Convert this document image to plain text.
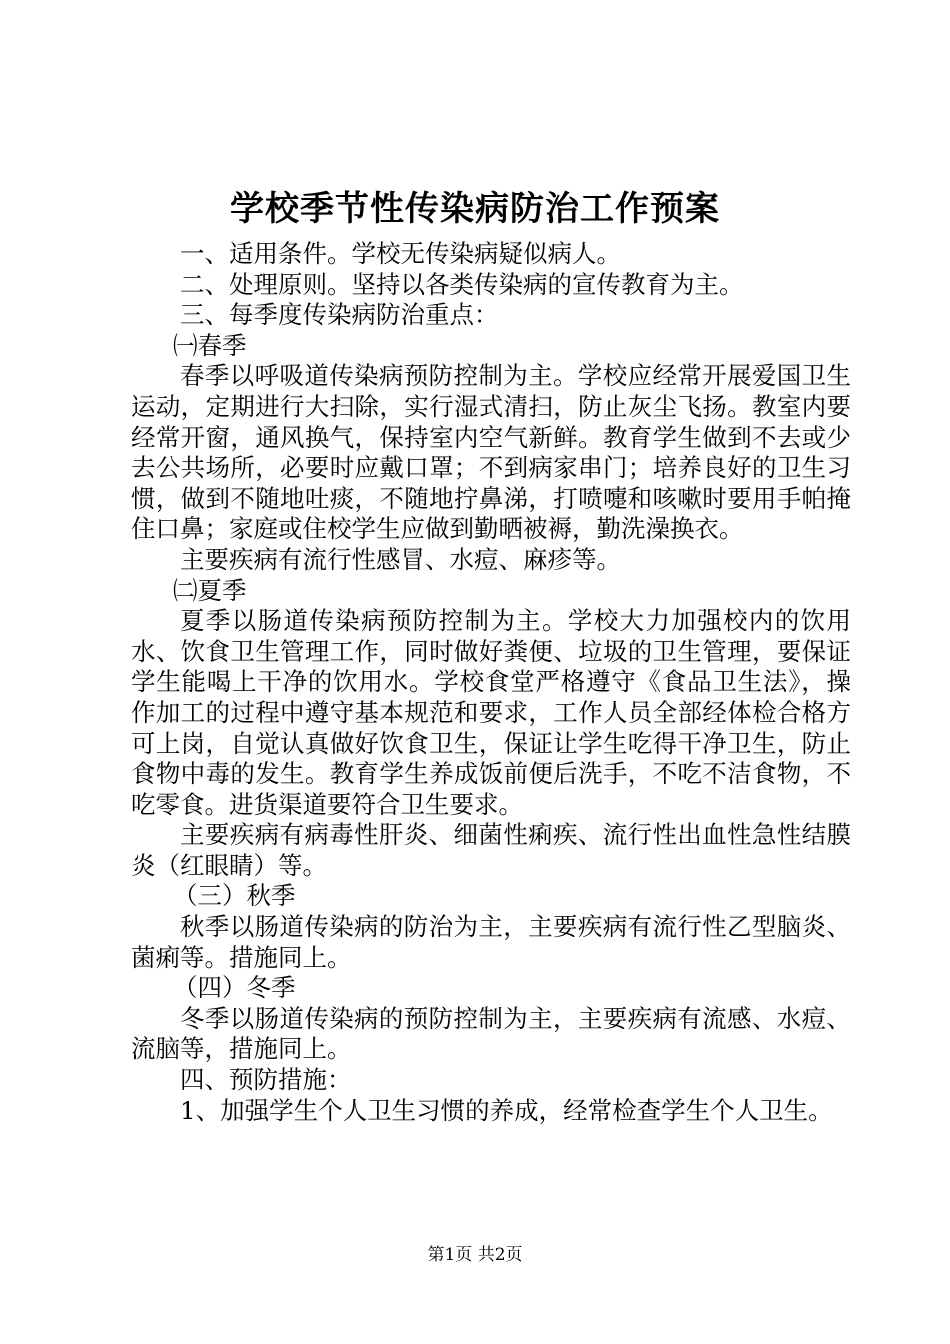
学校季节性传染病防治工作预案

一、适用条件。学校无传染病疑似病人。

二、处理原则。坚持以各类传染病的宣传教育为主。

三、每季度传染病防治重点：

㈠春季

春季以呼吸道传染病预防控制为主。学校应经常开展爱国卫生运动，定期进行大扫除，实行湿式清扫，防止灰尘飞扬。教室内要经常开窗，通风换气，保持室内空气新鲜。教育学生做到不去或少去公共场所，必要时应戴口罩；不到病家串门；培养良好的卫生习惯，做到不随地吐痰，不随地拧鼻涕，打喷嚏和咳嗽时要用手帕掩住口鼻；家庭或住校学生应做到勤晒被褥，勤洗澡换衣。

主要疾病有流行性感冒、水痘、麻疹等。

㈡夏季

夏季以肠道传染病预防控制为主。学校大力加强校内的饮用水、饮食卫生管理工作，同时做好粪便、垃圾的卫生管理，要保证学生能喝上干净的饮用水。学校食堂严格遵守《食品卫生法》，操作加工的过程中遵守基本规范和要求，工作人员全部经体检合格方可上岗，自觉认真做好饮食卫生，保证让学生吃得干净卫生，防止食物中毒的发生。教育学生养成饭前便后洗手，不吃不洁食物，不吃零食。进货渠道要符合卫生要求。

主要疾病有病毒性肝炎、细菌性痢疾、流行性出血性急性结膜炎（红眼睛）等。

（三）秋季

秋季以肠道传染病的防治为主，主要疾病有流行性乙型脑炎、菌痢等。措施同上。

（四）冬季

冬季以肠道传染病的预防控制为主，主要疾病有流感、水痘、流脑等，措施同上。

四、预防措施：

1、加强学生个人卫生习惯的养成，经常检查学生个人卫生。

第1页 共2页
